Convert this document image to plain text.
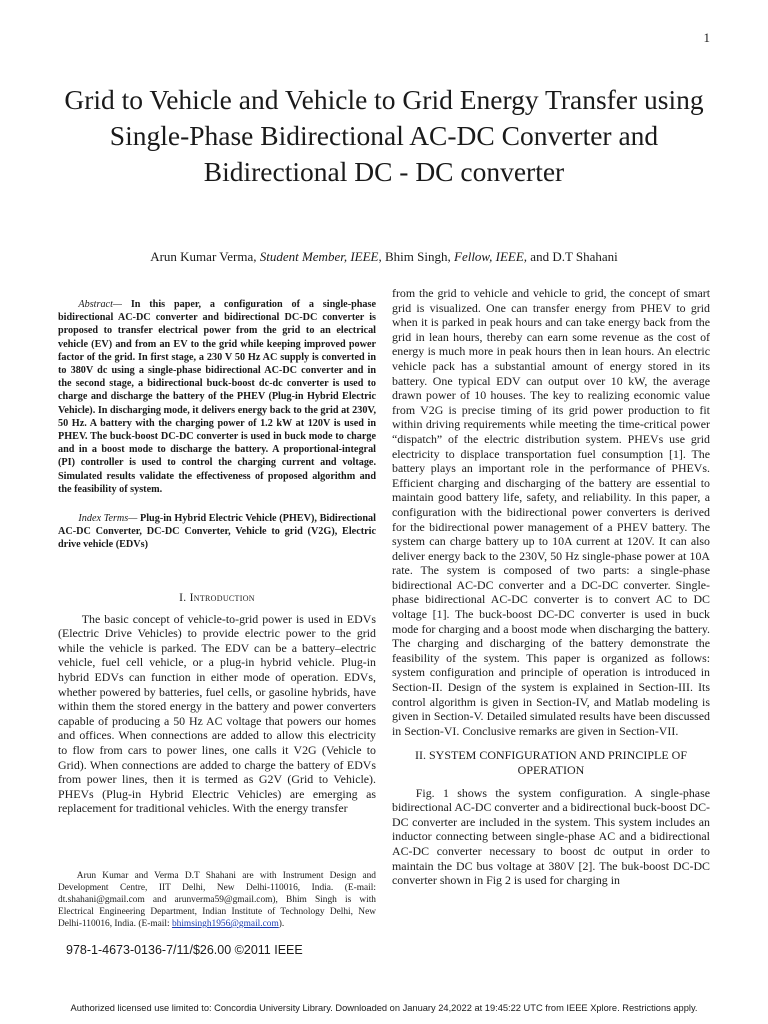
1
Grid to Vehicle and Vehicle to Grid Energy Transfer using Single-Phase Bidirectional AC-DC Converter and Bidirectional DC - DC converter
Arun Kumar Verma, Student Member, IEEE, Bhim Singh, Fellow, IEEE, and D.T Shahani
Abstract— In this paper, a configuration of a single-phase bidirectional AC-DC converter and bidirectional DC-DC converter is proposed to transfer electrical power from the grid to an electrical vehicle (EV) and from an EV to the grid while keeping improved power factor of the grid. In first stage, a 230 V 50 Hz AC supply is converted in to 380V dc using a single-phase bidirectional AC-DC converter and in the second stage, a bidirectional buck-boost dc-dc converter is used to charge and discharge the battery of the PHEV (Plug-in Hybrid Electric Vehicle). In discharging mode, it delivers energy back to the grid at 230V, 50 Hz. A battery with the charging power of 1.2 kW at 120V is used in PHEV. The buck-boost DC-DC converter is used in buck mode to charge and in a boost mode to discharge the battery. A proportional-integral (PI) controller is used to control the charging current and voltage. Simulated results validate the effectiveness of proposed algorithm and the feasibility of system.
Index Terms— Plug-in Hybrid Electric Vehicle (PHEV), Bidirectional AC-DC Converter, DC-DC Converter, Vehicle to grid (V2G), Electric drive vehicle (EDVs)
I. Introduction
The basic concept of vehicle-to-grid power is used in EDVs (Electric Drive Vehicles) to provide electric power to the grid while the vehicle is parked. The EDV can be a battery–electric vehicle, fuel cell vehicle, or a plug-in hybrid vehicle. Plug-in hybrid EDVs can function in either mode of operation. EDVs, whether powered by batteries, fuel cells, or gasoline hybrids, have within them the stored energy in the battery and power converters capable of producing a 50 Hz AC voltage that powers our homes and offices. When connections are added to allow this electricity to flow from cars to power lines, one calls it V2G (Vehicle to Grid). When connections are added to charge the battery of EDVs from power lines, then it is termed as G2V (Grid to Vehicle). PHEVs (Plug-in Hybrid Electric Vehicles) are emerging as replacement for traditional vehicles. With the energy transfer
from the grid to vehicle and vehicle to grid, the concept of smart grid is visualized. One can transfer energy from PHEV to grid when it is parked in peak hours and can take energy back from the grid in lean hours, thereby can earn some revenue as the cost of energy is much more in peak hours then in lean hours. An electric vehicle pack has a substantial amount of energy stored in its battery. One typical EDV can output over 10 kW, the average drawn power of 10 houses. The key to realizing economic value from V2G is precise timing of its grid power production to fit within driving requirements while meeting the time-critical power “dispatch” of the electric distribution system. PHEVs use grid electricity to displace transportation fuel consumption [1]. The battery plays an important role in the performance of PHEVs. Efficient charging and discharging of the battery are essential to maintain good battery life, safety, and reliability. In this paper, a configuration with the bidirectional power converters is derived for the bidirectional power management of a PHEV battery. The system can charge battery up to 10A current at 120V. It can also deliver energy back to the 230V, 50 Hz single-phase power at 10A rate. The system is composed of two parts: a single-phase bidirectional AC-DC converter and a DC-DC converter. Single-phase bidirectional AC-DC converter is to convert AC to DC voltage [1]. The buck-boost DC-DC converter is used in buck mode for charging and a boost mode when discharging the battery. The charging and discharging of the battery demonstrate the feasibility of the system. This paper is organized as follows: system configuration and principle of operation is introduced in Section-II. Design of the system is explained in Section-III. Its control algorithm is given in Section-IV, and Matlab modeling is given in Section-V. Detailed simulated results have been discussed in Section-VI. Conclusive remarks are given in Section-VII.
II. SYSTEM CONFIGURATION AND PRINCIPLE OF OPERATION
Fig. 1 shows the system configuration. A single-phase bidirectional AC-DC converter and a bidirectional buck-boost DC-DC converter are included in the system. This system includes an inductor connecting between single-phase AC and a bidirectional AC-DC converter necessary to boost dc output in order to maintain the DC bus voltage at 380V [2]. The buk-boost DC-DC converter shown in Fig 2 is used for charging in
Arun Kumar and Verma D.T Shahani are with Instrument Design and Development Centre, IIT Delhi, New Delhi-110016, India. (E-mail: dt.shahani@gmail.com and arunverma59@gmail.com), Bhim Singh is with Electrical Engineering Department, Indian Institute of Technology Delhi, New Delhi-110016, India. (E-mail: bhimsingh1956@gmail.com).
978-1-4673-0136-7/11/$26.00 ©2011 IEEE
Authorized licensed use limited to: Concordia University Library. Downloaded on January 24,2022 at 19:45:22 UTC from IEEE Xplore. Restrictions apply.
